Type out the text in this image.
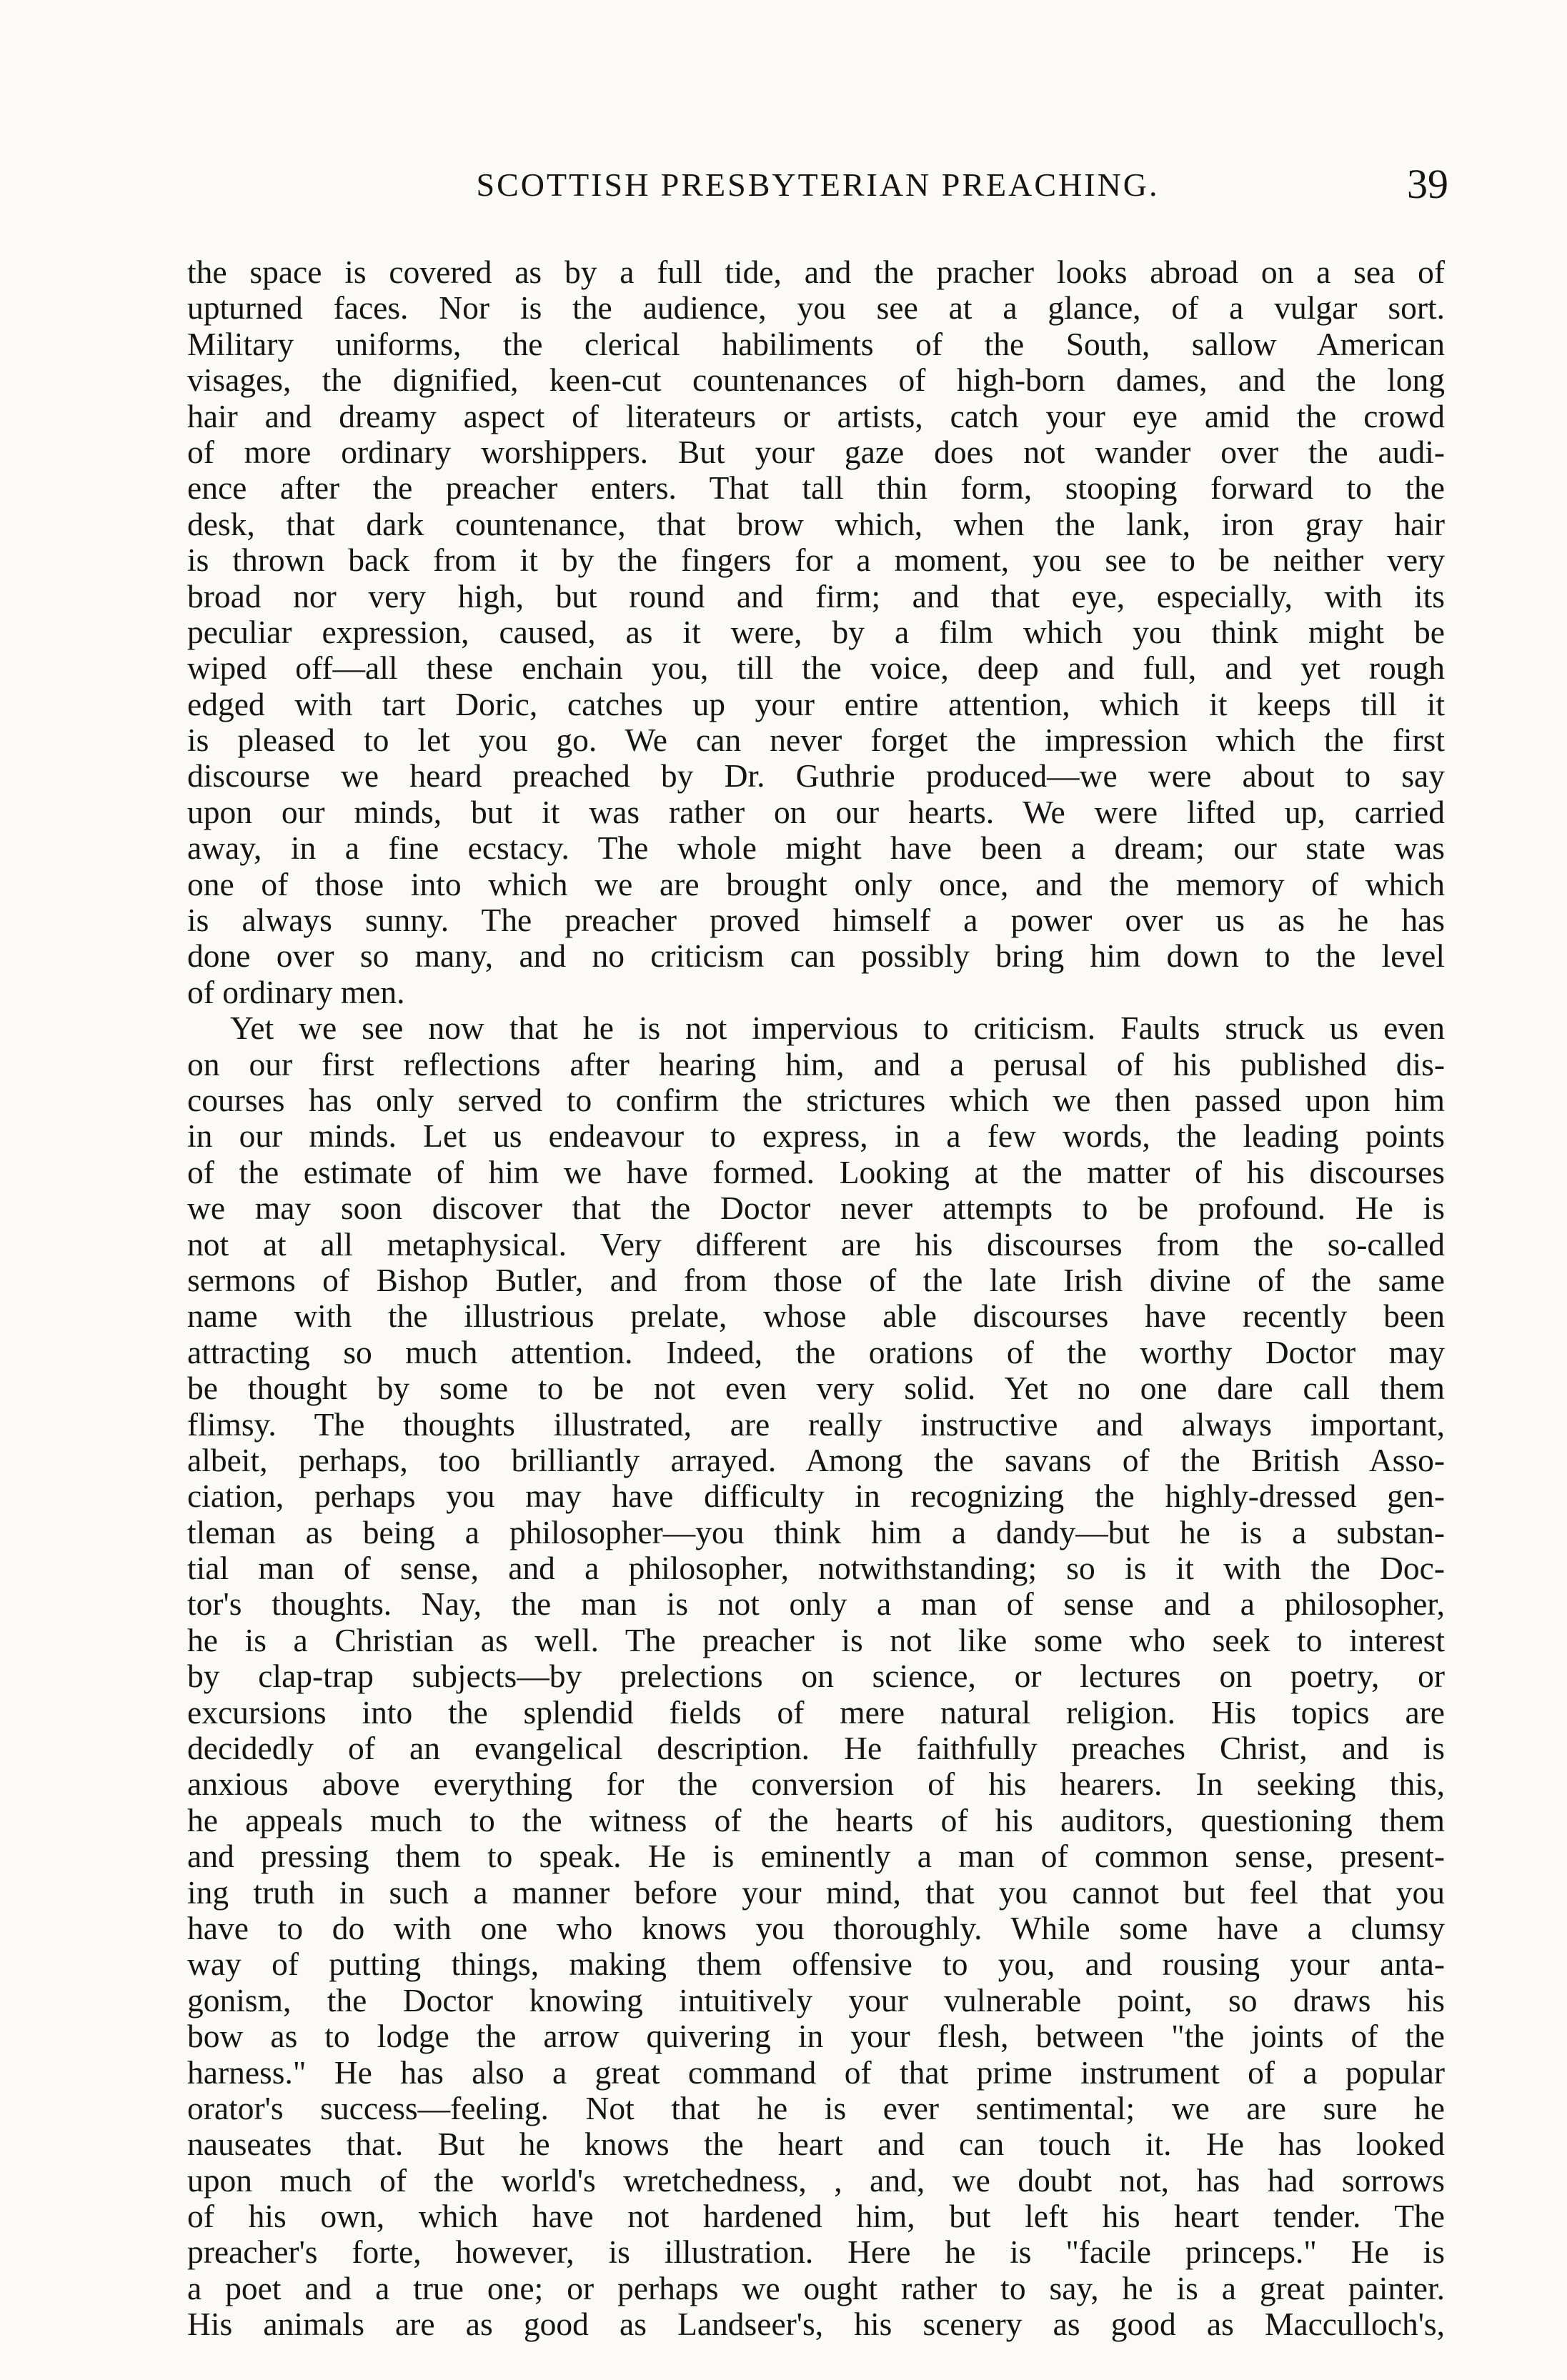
SCOTTISH PRESBYTERIAN PREACHING.	39
the space is covered as by a full tide, and the pracher looks abroad on a sea of
upturned faces. Nor is the audience, you see at a glance, of a vulgar sort.
Military uniforms, the clerical habiliments of the South, sallow American
visages, the dignified, keen-cut countenances of high-born dames, and the long
hair and dreamy aspect of literateurs or artists, catch your eye amid the crowd
of more ordinary worshippers. But your gaze does not wander over the audi-
ence after the preacher enters. That tall thin form, stooping forward to the
desk, that dark countenance, that brow which, when the lank, iron gray hair
is thrown back from it by the fingers for a moment, you see to be neither very
broad nor very high, but round and firm; and that eye, especially, with its
peculiar expression, caused, as it were, by a film which you think might be
wiped off—all these enchain you, till the voice, deep and full, and yet rough
edged with tart Doric, catches up your entire attention, which it keeps till it
is pleased to let you go. We can never forget the impression which the first
discourse we heard preached by Dr. Guthrie produced—we were about to say
upon our minds, but it was rather on our hearts. We were lifted up, carried
away, in a fine ecstacy. The whole might have been a dream; our state was
one of those into which we are brought only once, and the memory of which
is always sunny. The preacher proved himself a power over us as he has
done over so many, and no criticism can possibly bring him down to the level
of ordinary men.
Yet we see now that he is not impervious to criticism. Faults struck us even
on our first reflections after hearing him, and a perusal of his published dis-
courses has only served to confirm the strictures which we then passed upon him
in our minds. Let us endeavour to express, in a few words, the leading points
of the estimate of him we have formed. Looking at the matter of his discourses
we may soon discover that the Doctor never attempts to be profound. He is
not at all metaphysical. Very different are his discourses from the so-called
sermons of Bishop Butler, and from those of the late Irish divine of the same
name with the illustrious prelate, whose able discourses have recently been
attracting so much attention. Indeed, the orations of the worthy Doctor may
be thought by some to be not even very solid. Yet no one dare call them
flimsy. The thoughts illustrated, are really instructive and always important,
albeit, perhaps, too brilliantly arrayed. Among the savans of the British Asso-
ciation, perhaps you may have difficulty in recognizing the highly-dressed gen-
tleman as being a philosopher—you think him a dandy—but he is a substan-
tial man of sense, and a philosopher, notwithstanding; so is it with the Doc-
tor's thoughts. Nay, the man is not only a man of sense and a philosopher,
he is a Christian as well. The preacher is not like some who seek to interest
by clap-trap subjects—by prelections on science, or lectures on poetry, or
excursions into the splendid fields of mere natural religion. His topics are
decidedly of an evangelical description. He faithfully preaches Christ, and is
anxious above everything for the conversion of his hearers. In seeking this,
he appeals much to the witness of the hearts of his auditors, questioning them
and pressing them to speak. He is eminently a man of common sense, present-
ing truth in such a manner before your mind, that you cannot but feel that you
have to do with one who knows you thoroughly. While some have a clumsy
way of putting things, making them offensive to you, and rousing your anta-
gonism, the Doctor knowing intuitively your vulnerable point, so draws his
bow as to lodge the arrow quivering in your flesh, between "the joints of the
harness." He has also a great command of that prime instrument of a popular
orator's success—feeling. Not that he is ever sentimental; we are sure he
nauseates that. But he knows the heart and can touch it. He has looked
upon much of the world's wretchedness, , and, we doubt not, has had sorrows
of his own, which have not hardened him, but left his heart tender. The
preacher's forte, however, is illustration. Here he is "facile princeps." He is
a poet and a true one; or perhaps we ought rather to say, he is a great painter.
His animals are as good as Landseer's, his scenery as good as Macculloch's,
